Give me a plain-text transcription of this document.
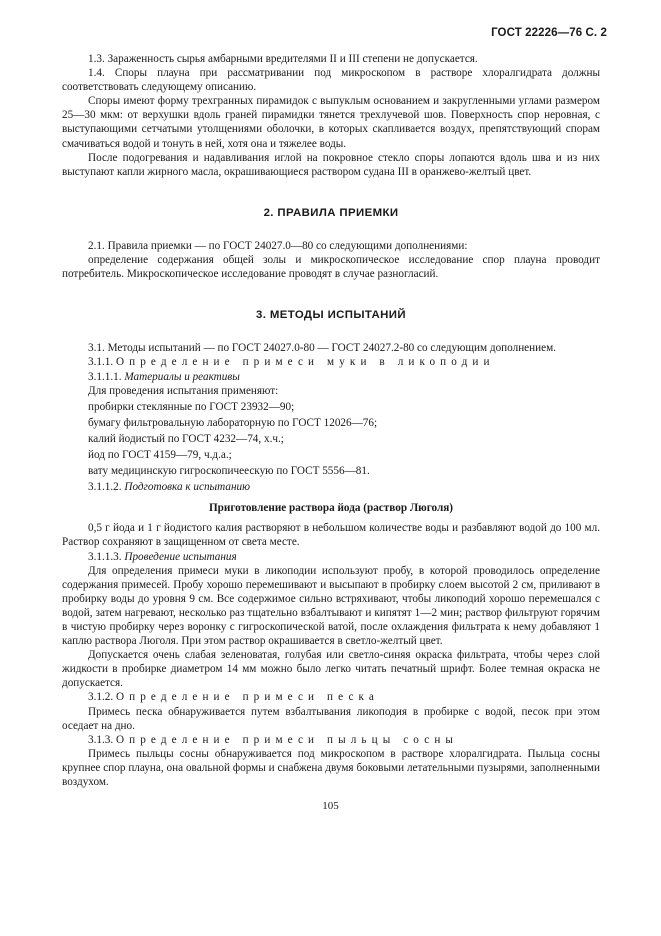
ГОСТ 22226—76 С. 2

1.3. Зараженность сырья амбарными вредителями II и III степени не допускается.

1.4. Споры плауна при рассматривании под микроскопом в растворе хлоралгидрата должны соответствовать следующему описанию.

Споры имеют форму трехгранных пирамидок с выпуклым основанием и закругленными углами размером 25—30 мкм: от верхушки вдоль граней пирамидки тянется трехлучевой шов. Поверхность спор неровная, с выступающими сетчатыми утолщениями оболочки, в которых скапливается воздух, препятствующий спорам смачиваться водой и тонуть в ней, хотя она и тяжелее воды.

После подогревания и надавливания иглой на покровное стекло споры лопаются вдоль шва и из них выступают капли жирного масла, окрашивающиеся раствором судана III в оранжево-желтый цвет.

2. ПРАВИЛА ПРИЕМКИ

2.1. Правила приемки — по ГОСТ 24027.0—80 со следующими дополнениями:

определение содержания общей золы и микроскопическое исследование спор плауна проводит потребитель. Микроскопическое исследование проводят в случае разногласий.

3. МЕТОДЫ ИСПЫТАНИЙ

3.1. Методы испытаний — по ГОСТ 24027.0-80 — ГОСТ 24027.2-80 со следующим дополнением.

3.1.1. Определение примеси муки в ликоподии

3.1.1.1. Материалы и реактивы

Для проведения испытания применяют:

пробирки стеклянные по ГОСТ 23932—90;

бумагу фильтровальную лабораторную по ГОСТ 12026—76;

калий йодистый по ГОСТ 4232—74, х.ч.;

йод по ГОСТ 4159—79, ч.д.а.;

вату медицинскую гигроскопичеескую по ГОСТ 5556—81.

3.1.1.2. Подготовка к испытанию

Приготовление раствора йода (раствор Люголя)

0,5 г йода и 1 г йодистого калия растворяют в небольшом количестве воды и разбавляют водой до 100 мл. Раствор сохраняют в защищенном от света месте.

3.1.1.3. Проведение испытания

Для определения примеси муки в ликоподии используют пробу, в которой проводилось определение содержания примесей. Пробу хорошо перемешивают и высыпают в пробирку слоем высотой 2 см, приливают в пробирку воды до уровня 9 см. Все содержимое сильно встряхивают, чтобы ликоподий хорошо перемешался с водой, затем нагревают, несколько раз тщательно взбалтывают и кипятят 1—2 мин; раствор фильтруют горячим в чистую пробирку через воронку с гигроскопической ватой, после охлаждения фильтрата к нему добавляют 1 каплю раствора Люголя. При этом раствор окрашивается в светло-желтый цвет.

Допускается очень слабая зеленоватая, голубая или светло-синяя окраска фильтрата, чтобы через слой жидкости в пробирке диаметром 14 мм можно было легко читать печатный шрифт. Более темная окраска не допускается.

3.1.2. Определение примеси песка

Примесь песка обнаруживается путем взбалтывания ликоподия в пробирке с водой, песок при этом оседает на дно.

3.1.3. Определение примеси пыльцы сосны

Примесь пыльцы сосны обнаруживается под микроскопом в растворе хлоралгидрата. Пыльца сосны крупнее спор плауна, она овальной формы и снабжена двумя боковыми летательными пузырями, заполненными воздухом.

105
